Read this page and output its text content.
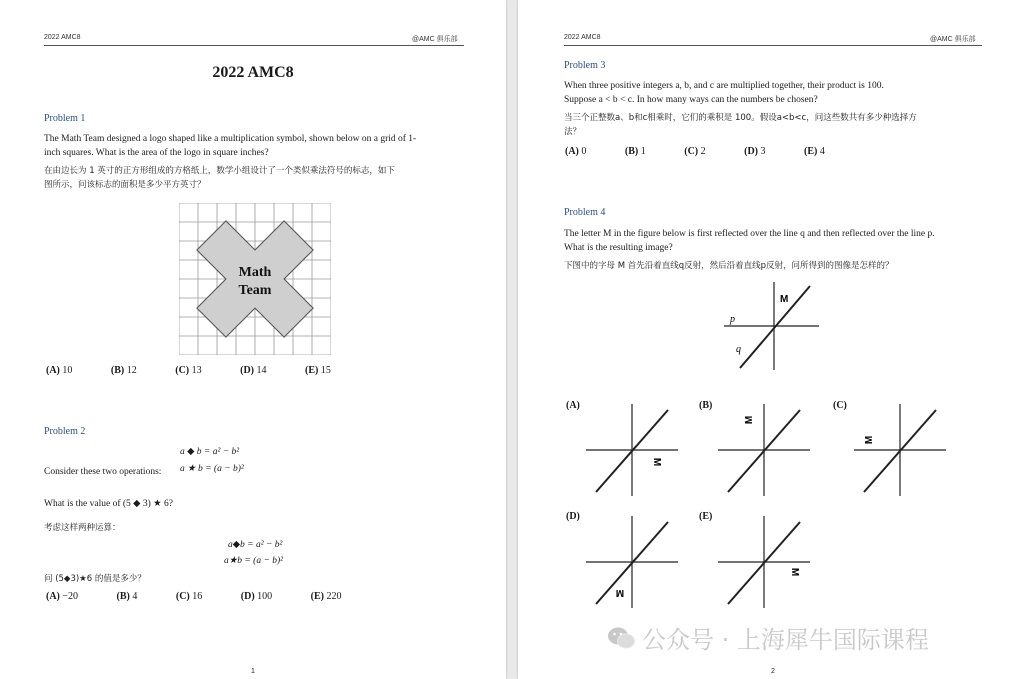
2022 AMC8	@AMC 俱乐部
2022 AMC8
Problem 1
The Math Team designed a logo shaped like a multiplication symbol, shown below on a grid of 1-
inch squares. What is the area of the logo in square inches?
在由边长为 1 英寸的正方形组成的方格纸上，数学小组设计了一个类似乘法符号的标志，如下
图所示，问该标志的面积是多少平方英寸？
Math
Team
(A) 10	(B) 12	(C) 13	(D) 14	(E) 15
Problem 2
a ◆ b = a² − b²
Consider these two operations: a ★ b = (a − b)²
What is the value of (5 ◆ 3) ★ 6?
考虑这样两种运算：
a◆b = a² − b²
a★b = (a − b)²
问 (5◆3)★6 的值是多少？
(A) −20	(B) 4	(C) 16	(D) 100	(E) 220
1
2022 AMC8	@AMC 俱乐部
Problem 3
When three positive integers a, b, and c are multiplied together, their product is 100.
Suppose a < b < c. In how many ways can the numbers be chosen?
当三个正整数a、b和c相乘时，它们的乘积是 100。假设a<b<c，问这些数共有多少种选择方
法？
(A) 0	(B) 1	(C) 2	(D) 3	(E) 4
Problem 4
The letter M in the figure below is first reflected over the line q and then reflected over the line p.
What is the resulting image?
下图中的字母 M 首先沿着直线q反射，然后沿着直线p反射，问所得到的图像是怎样的？
p
q
M
(A)
M
(B)
M
(C)
M
(D)
M
(E)
M
2
公众号 · 上海犀牛国际课程
